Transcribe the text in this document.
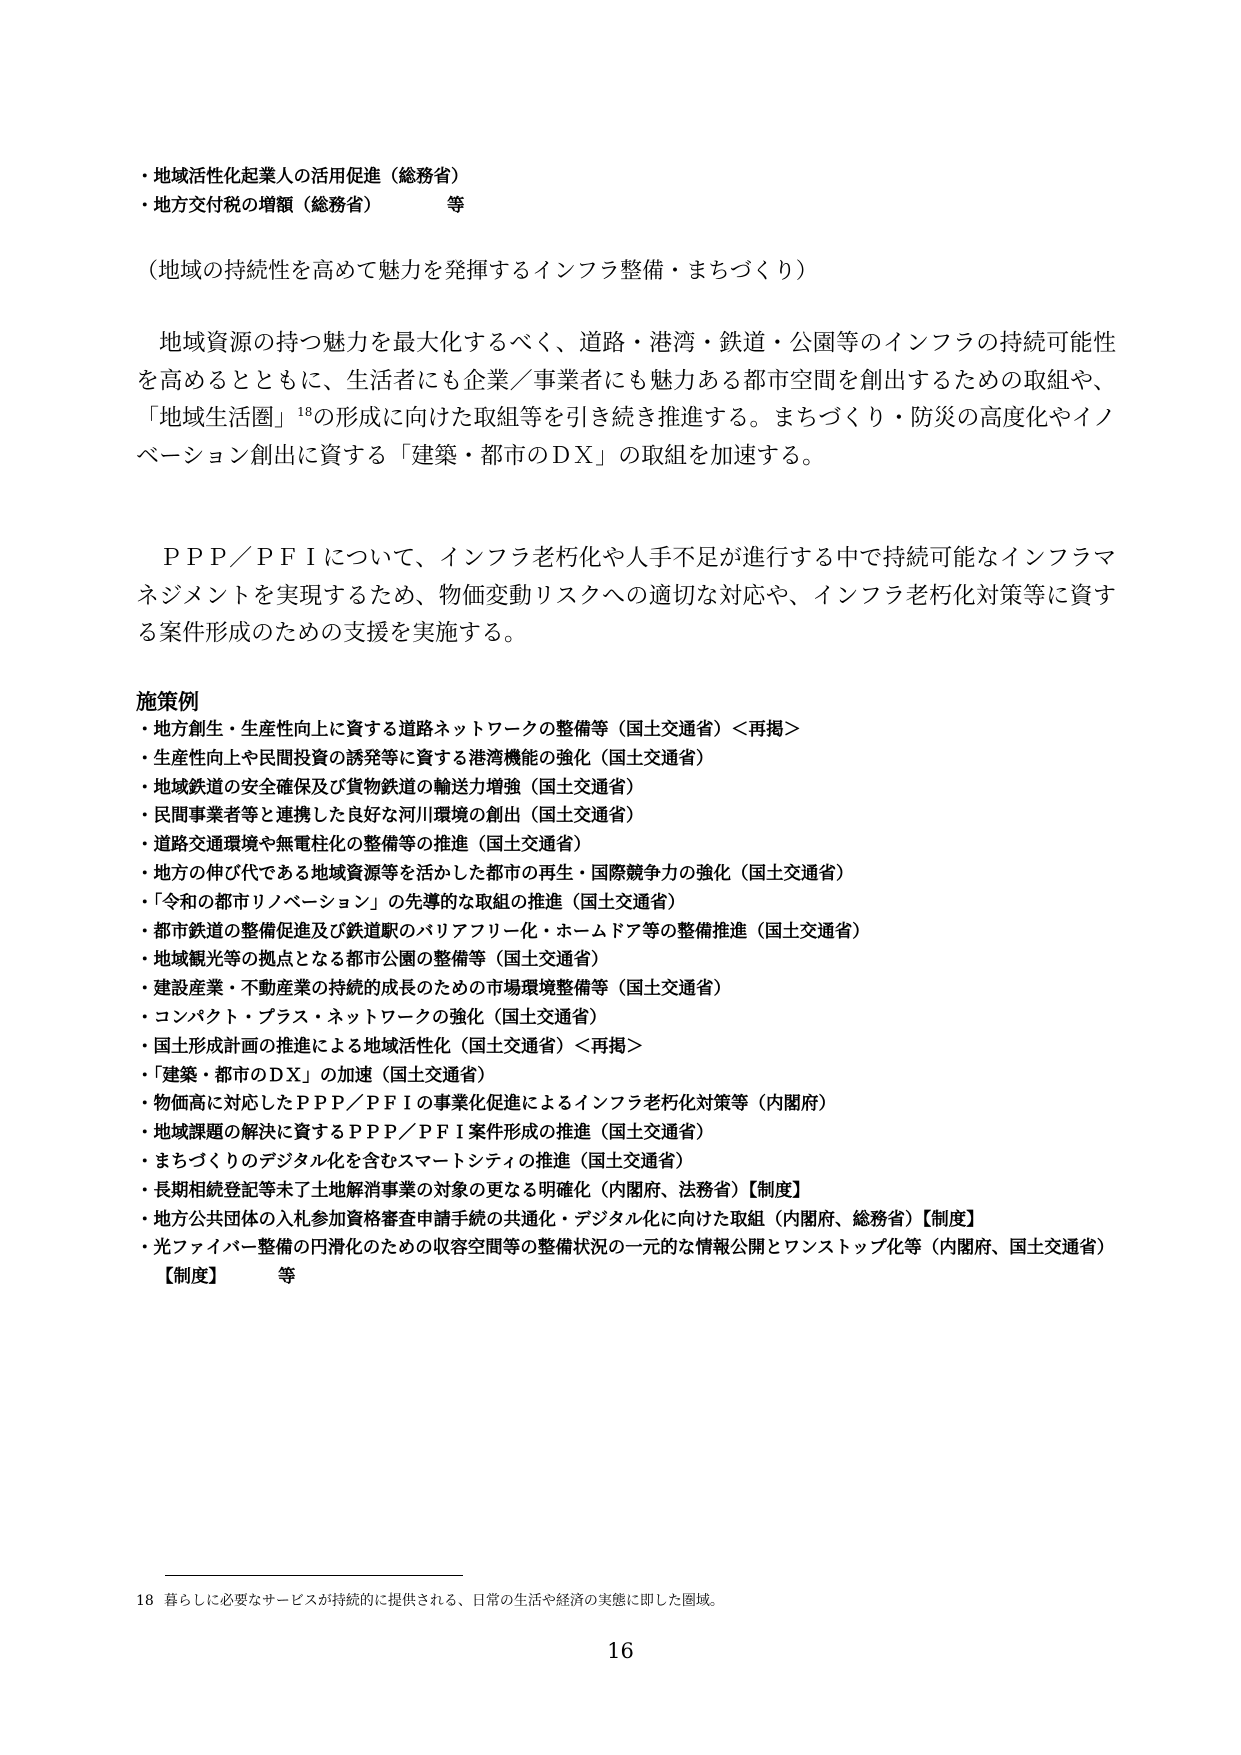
・地域活性化起業人の活用促進（総務省）
・地方交付税の増額（総務省）	等
（地域の持続性を高めて魅力を発揮するインフラ整備・まちづくり）

地域資源の持つ魅力を最大化するべく、道路・港湾・鉄道・公園等のインフラの持続可能性を高めるとともに、生活者にも企業／事業者にも魅力ある都市空間を創出するための取組や、「地域生活圏」$^{18}$の形成に向けた取組等を引き続き推進する。まちづくり・防災の高度化やイノベーション創出に資する「建築・都市のＤＸ」の取組を加速する。

ＰＰＰ／ＰＦＩについて、インフラ老朽化や人手不足が進行する中で持続可能なインフラマネジメントを実現するため、物価変動リスクへの適切な対応や、インフラ老朽化対策等に資する案件形成のための支援を実施する。

施策例
・地方創生・生産性向上に資する道路ネットワークの整備等（国土交通省）＜再掲＞
・生産性向上や民間投資の誘発等に資する港湾機能の強化（国土交通省）
・地域鉄道の安全確保及び貨物鉄道の輸送力増強（国土交通省）
・民間事業者等と連携した良好な河川環境の創出（国土交通省）
・道路交通環境や無電柱化の整備等の推進（国土交通省）
・地方の伸び代である地域資源等を活かした都市の再生・国際競争力の強化（国土交通省）
・「令和の都市リノベーション」の先導的な取組の推進（国土交通省）
・都市鉄道の整備促進及び鉄道駅のバリアフリー化・ホームドア等の整備推進（国土交通省）
・地域観光等の拠点となる都市公園の整備等（国土交通省）
・建設産業・不動産業の持続的成長のための市場環境整備等（国土交通省）
・コンパクト・プラス・ネットワークの強化（国土交通省）
・国土形成計画の推進による地域活性化（国土交通省）＜再掲＞
・「建築・都市のＤＸ」の加速（国土交通省）
・物価高に対応したＰＰＰ／ＰＦＩの事業化促進によるインフラ老朽化対策等（内閣府）
・地域課題の解決に資するＰＰＰ／ＰＦＩ案件形成の推進（国土交通省）
・まちづくりのデジタル化を含むスマートシティの推進（国土交通省）
・長期相続登記等未了土地解消事業の対象の更なる明確化（内閣府、法務省）【制度】
・地方公共団体の入札参加資格審査申請手続の共通化・デジタル化に向けた取組（内閣府、総務省）【制度】
・光ファイバー整備の円滑化のための収容空間等の整備状況の一元的な情報公開とワンストップ化等（内閣府、国土交通省）【制度】	等
18 暮らしに必要なサービスが持続的に提供される、日常の生活や経済の実態に即した圏域。
16
